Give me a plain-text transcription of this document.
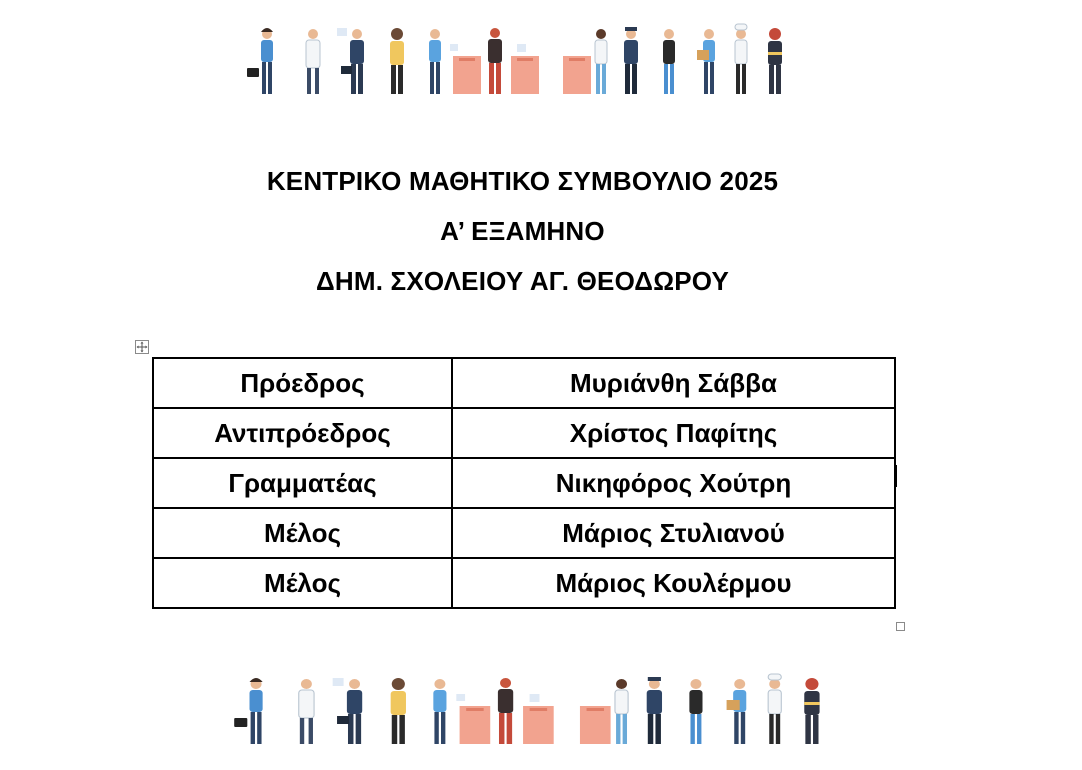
ΚΕΝΤΡΙΚΟ ΜΑΘΗΤΙΚΟ ΣΥΜΒΟΥΛΙΟ 2025
Α’ ΕΞΑΜΗΝΟ
ΔΗΜ. ΣΧΟΛΕΙΟΥ ΑΓ. ΘΕΟΔΩΡΟΥ
Πρόεδρος	Μυριάνθη Σάββα
Αντιπρόεδρος	Χρίστος Παφίτης
Γραμματέας	Νικηφόρος Χούτρη
Μέλος	Μάριος Στυλιανού
Μέλος	Μάριος Κουλέρμου
